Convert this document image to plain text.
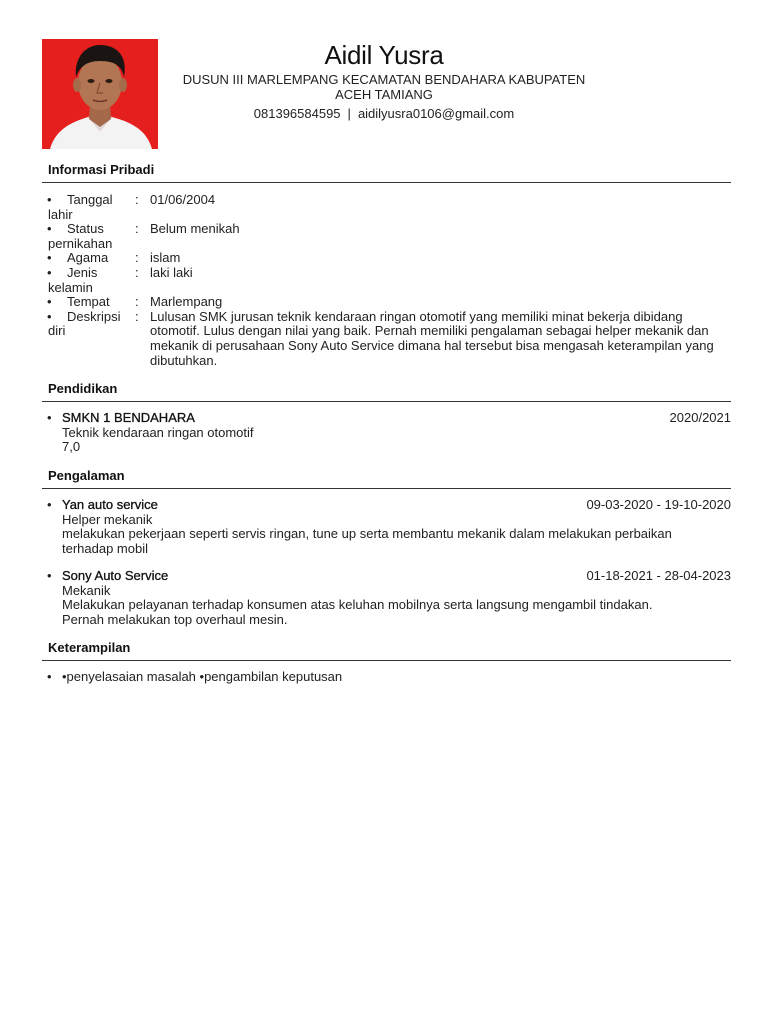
Aidil Yusra
DUSUN III MARLEMPANG KECAMATAN BENDAHARA KABUPATEN
ACEH TAMIANG
081396584595 | aidilyusra0106@gmail.com
Informasi Pribadi
•	Tanggal lahir
: 01/06/2004
•	Status pernikahan
: Belum menikah
•	Agama	: islam
•	Jenis kelamin
: laki laki
•	Tempat	: Marlempang
•	Deskripsi diri
: Lulusan SMK jurusan teknik kendaraan ringan otomotif yang memiliki minat bekerja dibidang otomotif. Lulus dengan nilai yang baik. Pernah memiliki pengalaman sebagai helper mekanik dan mekanik di perusahaan Sony Auto Service dimana hal tersebut bisa mengasah keterampilan yang dibutuhkan.
Pendidikan
• SMKN 1 BENDAHARA	2020/2021
Teknik kendaraan ringan otomotif
7,0
Pengalaman
• Yan auto service	09-03-2020 - 19-10-2020
Helper mekanik
melakukan pekerjaan seperti servis ringan, tune up serta membantu mekanik dalam melakukan perbaikan terhadap mobil
• Sony Auto Service	01-18-2021 - 28-04-2023
Mekanik
Melakukan pelayanan terhadap konsumen atas keluhan mobilnya serta langsung mengambil tindakan. Pernah melakukan top overhaul mesin.
Keterampilan
• •penyelasaian masalah •pengambilan keputusan
